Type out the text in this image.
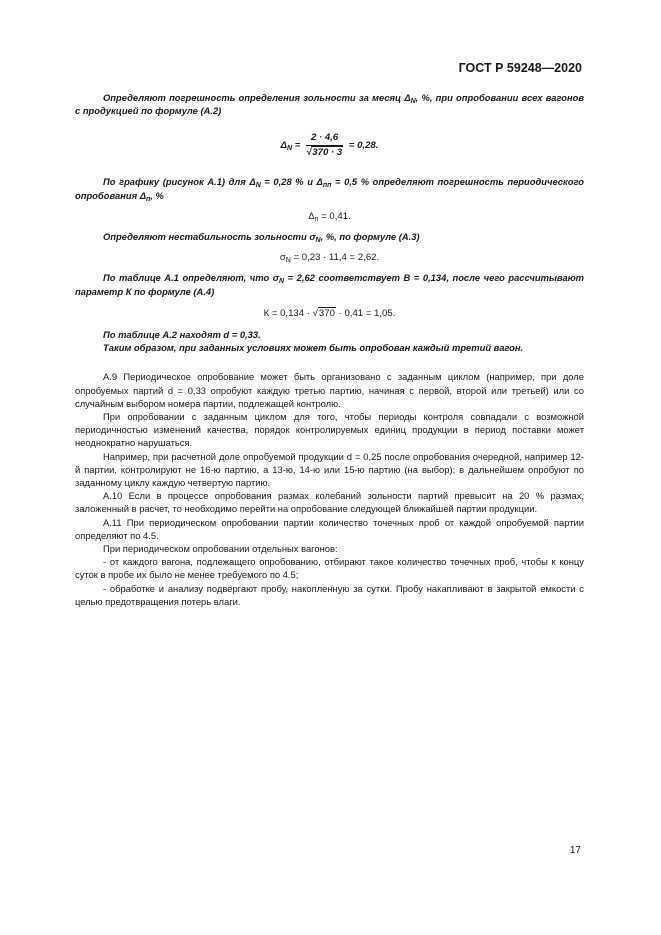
ГОСТ Р 59248—2020

Определяют погрешность определения зольности за месяц $\Delta_N$, %, при опробовании всех вагонов с продукцией по формуле (А.2)

$\Delta_N = \frac{2 \cdot 4,6}{√370 \cdot 3} = 0,28$.

По графику (рисунок А.1) для $\Delta_N = 0,28$ % и $\Delta_{пп} = 0,5$ % определяют погрешность периодического опробования $\Delta_п$, %

$\Delta_п = 0,41$.

Определяют нестабильность зольности $\sigma_N$, %, по формуле (А.3)

$\sigma_N = 0,23 \cdot 11,4 = 2,62$.

По таблице А.1 определяют, что $\sigma_N = 2,62$ соответствует В = 0,134, после чего рассчитывают параметр К по формуле (А.4)

К = 0,134 · √370 · 0,41 = 1,05.

По таблице А.2 находят d = 0,33.

Таким образом, при заданных условиях может быть опробован каждый третий вагон.

А.9 Периодическое опробование может быть организовано с заданным циклом (например, при доле опробуемых партий d = 0,33 опробуют каждую третью партию, начиная с первой, второй или третьей) или со случайным выбором номера партии, подлежащей контролю.

При опробовании с заданным циклом для того, чтобы периоды контроля совпадали с возможной периодичностью изменений качества, порядок контролируемых единиц продукции в период поставки может неоднократно нарушаться.

Например, при расчетной доле опробуемой продукции d = 0,25 после опробования очередной, например 12-й партии, контролируют не 16-ю партию, а 13-ю, 14-ю или 15-ю партию (на выбор); в дальнейшем опробуют по заданному циклу каждую четвертую партию.

А.10 Если в процессе опробования размах колебаний зольности партий превысит на 20 % размах, заложенный в расчет, то необходимо перейти на опробование следующей ближайшей партии продукции.

А.11 При периодическом опробовании партии количество точечных проб от каждой опробуемой партии определяют по 4.5.

При периодическом опробовании отдельных вагонов:

- от каждого вагона, подлежащего опробованию, отбирают такое количество точечных проб, чтобы к концу суток в пробе их было не менее требуемого по 4.5;

- обработке и анализу подвергают пробу, накопленную за сутки. Пробу накапливают в закрытой емкости с целью предотвращения потерь влаги.

17
